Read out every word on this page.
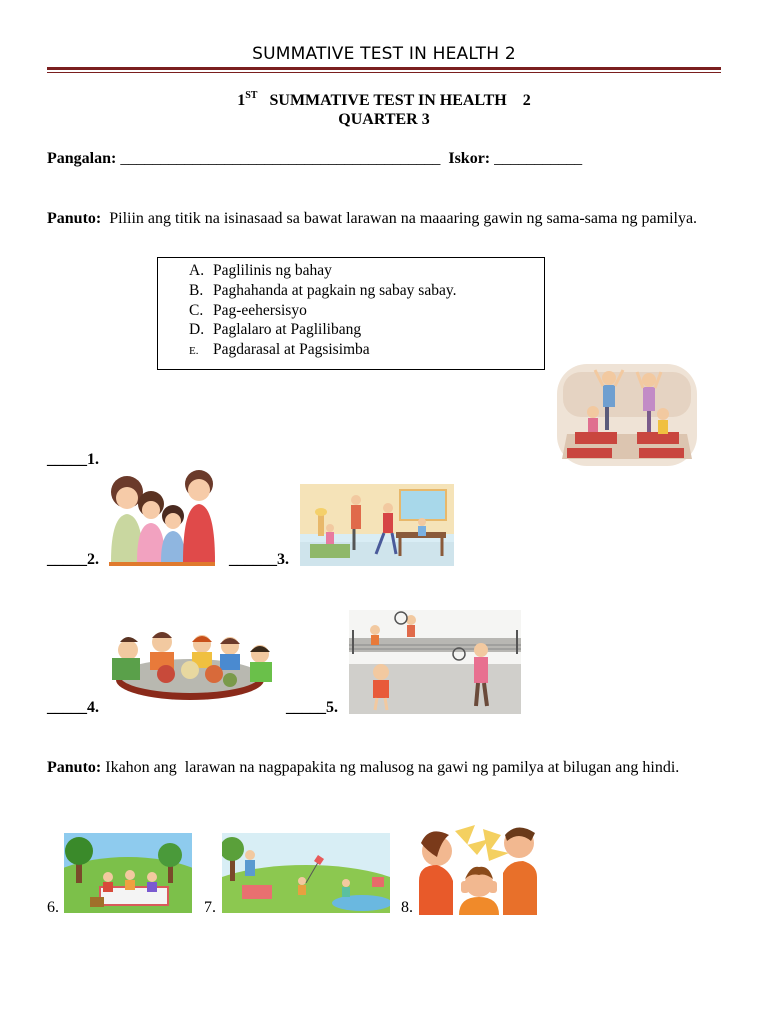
SUMMATIVE TEST IN HEALTH 2
1ST SUMMATIVE TEST IN HEALTH    2
QUARTER 3
Pangalan: ________________________________________ Iskor: ___________
Panuto: Piliin ang titik na isinasaad sa bawat larawan na maaaring gawin ng sama-sama ng pamilya.
A. Paglilinis ng bahay
B. Paghahanda at pagkain ng sabay sabay.
C. Pag-eehersisyo
D. Paglalaro at Paglilibang
E. Pagdarasal at Pagsisimba
_____1.
_____2.	______3.
_____4.	_____5.
Panuto: Ikahon ang  larawan na nagpapakita ng malusog na gawi ng pamilya at bilugan ang hindi.
6.	7.	8.
